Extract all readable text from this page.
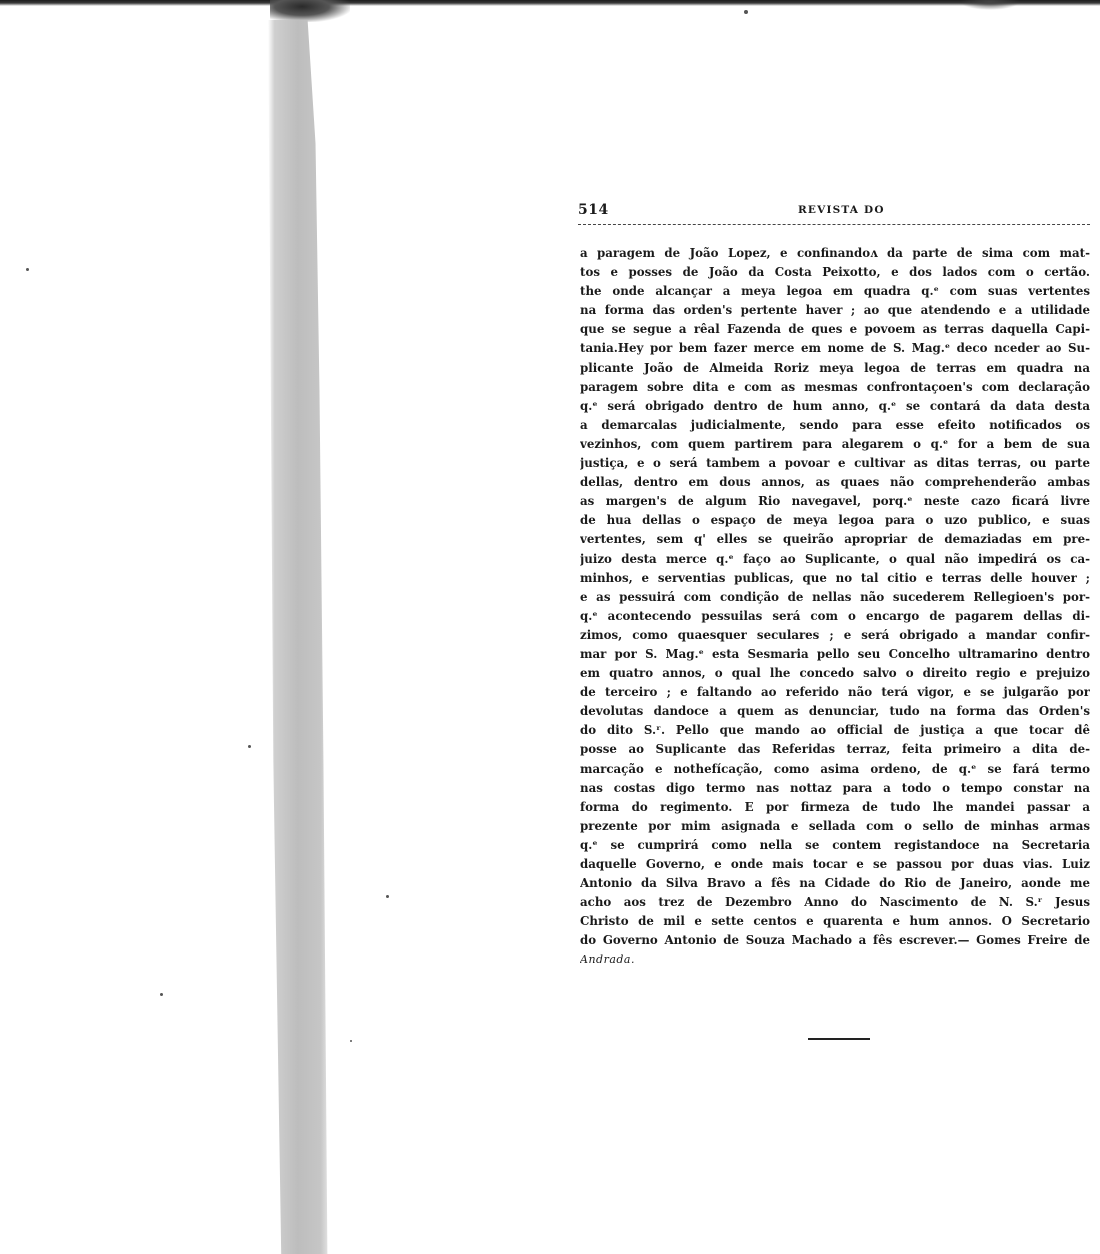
514	REVISTA DO
a paragem de João Lopez, e confinandoʌ da parte de sima com mat-
tos e posses de João da Costa Peixotto, e dos lados com o certão.
the onde alcançar a meya legoa em quadra q.ᵉ com suas vertentes
na forma das orden's pertente haver ; ao que atendendo e a utilidade
que se segue a rêal Fazenda de ques e povoem as terras daquella Capi-
tania.Hey por bem fazer merce em nome de S. Mag.ᵉ deco nceder ao Su-
plicante João de Almeida Roriz meya legoa de terras em quadra na
paragem sobre dita e com as mesmas confrontaçoen's com declaração
q.ᵉ será obrigado dentro de hum anno, q.ᵉ se contará da data desta
a demarcalas judicialmente, sendo para esse efeito notificados os
vezinhos, com quem partirem para alegarem o q.ᵉ for a bem de sua
justiça, e o será tambem a povoar e cultivar as ditas terras, ou parte
dellas, dentro em dous annos, as quaes não comprehenderão ambas
as margen's de algum Rio navegavel, porq.ᵉ neste cazo ficará livre
de hua dellas o espaço de meya legoa para o uzo publico, e suas
vertentes, sem q' elles se queirão apropriar de demaziadas em pre-
juizo desta merce q.ᵉ faço ao Suplicante, o qual não impedirá os ca-
minhos, e serventias publicas, que no tal citio e terras delle houver ;
e as pessuirá com condição de nellas não sucederem Rellegioen's por-
q.ᵉ acontecendo pessuilas será com o encargo de pagarem dellas di-
zimos, como quaesquer seculares ; e será obrigado a mandar confir-
mar por S. Mag.ᵉ esta Sesmaria pello seu Concelho ultramarino dentro
em quatro annos, o qual lhe concedo salvo o direito regio e prejuizo
de terceiro ; e faltando ao referido não terá vigor, e se julgarão por
devolutas dandoce a quem as denunciar, tudo na forma das Orden's
do dito S.ʳ. Pello que mando ao official de justiça a que tocar dê
posse ao Suplicante das Referidas terraz, feita primeiro a dita de-
marcação e nothefícação, como asima ordeno, de q.ᵉ se fará termo
nas costas digo termo nas nottaz para a todo o tempo constar na
forma do regimento. E por firmeza de tudo lhe mandei passar a
prezente por mim asignada e sellada com o sello de minhas armas
q.ᵉ se cumprirá como nella se contem registandoce na Secretaria
daquelle Governo, e onde mais tocar e se passou por duas vias. Luiz
Antonio da Silva Bravo a fês na Cidade do Rio de Janeiro, aonde me
acho aos trez de Dezembro Anno do Nascimento de N. S.ʳ Jesus
Christo de mil e sette centos e quarenta e hum annos. O Secretario
do Governo Antonio de Souza Machado a fês escrever.— Gomes Freire de
Andrada.
